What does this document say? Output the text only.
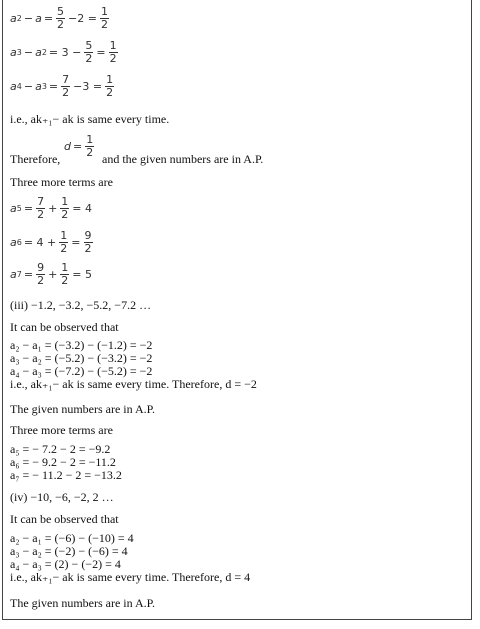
a $2 - a = \frac{5}{2} -2 = \frac{1}{2}$
a 3 − a $2 = 3 - \frac{5}{2} = \frac{1}{2}$
a 4 − a $3 = \frac{7}{2} -3 = \frac{1}{2}$
i.e., ak₊₁− ak is same every time.
Therefore,
$d = \frac{1}{2}$ and the given numbers are in A.P.
Three more terms are
a $5 = \frac{7}{2} + \frac{1}{2} = 4$
a $6 = 4 + \frac{1}{2} = \frac{9}{2}$
a $7 = \frac{9}{2} + \frac{1}{2} = 5$
(iii) −1.2, −3.2, −5.2, −7.2 …
It can be observed that
a₂ − a₁ = (−3.2) − (−1.2) = −2
a₃ − a₂ = (−5.2) − (−3.2) = −2
a₄ − a₃ = (−7.2) − (−5.2) = −2
i.e., ak₊₁− ak is same every time. Therefore, d = −2
The given numbers are in A.P.
Three more terms are
a₅ = − 7.2 − 2 = −9.2
a₆ = − 9.2 − 2 = −11.2
a₇ = − 11.2 − 2 = −13.2
(iv) −10, −6, −2, 2 …
It can be observed that
a₂ − a₁ = (−6) − (−10) = 4
a₃ − a₂ = (−2) − (−6) = 4
a₄ − a₃ = (2) − (−2) = 4
i.e., ak₊₁− ak is same every time. Therefore, d = 4
The given numbers are in A.P.
